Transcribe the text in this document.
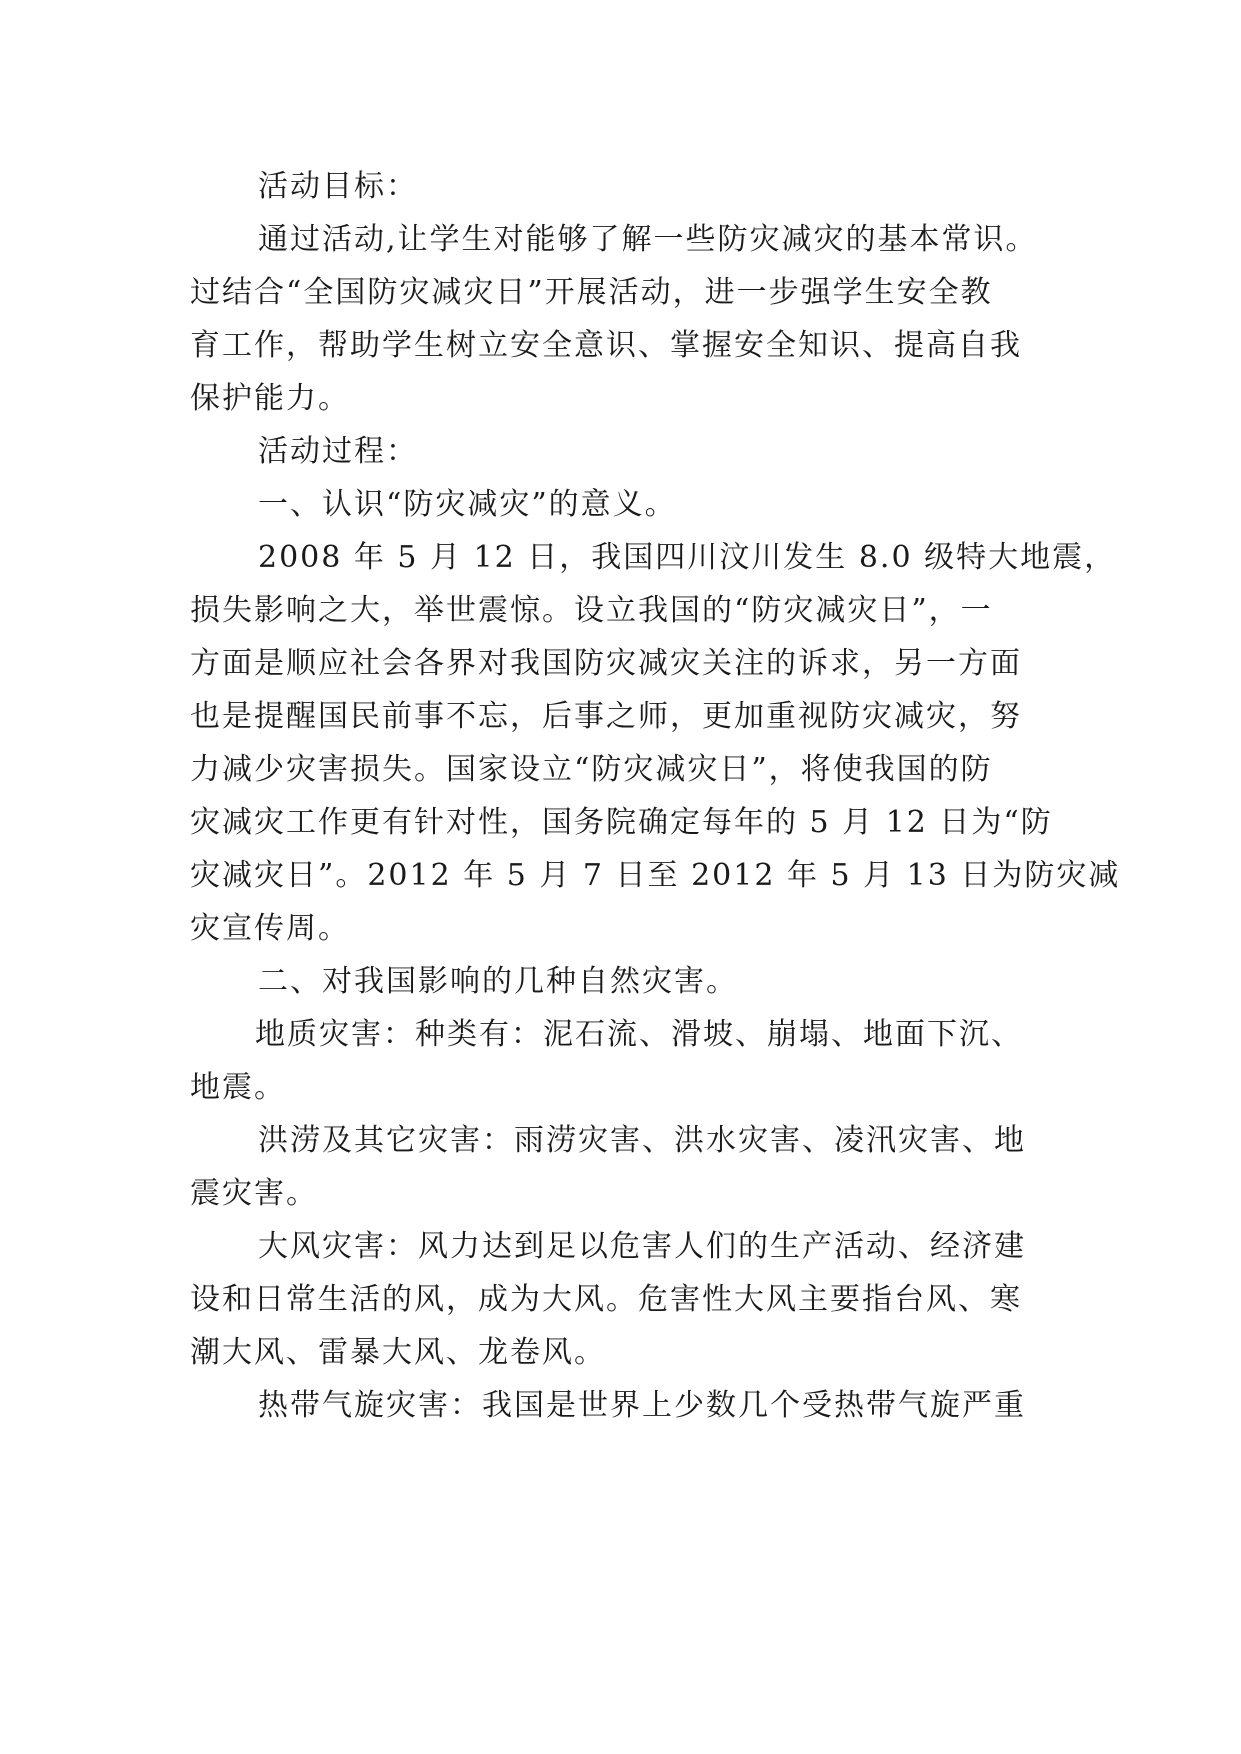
活动目标：
通过活动,让学生对能够了解一些防灾减灾的基本常识。
过结合“全国防灾减灾日”开展活动，进一步强学生安全教
育工作，帮助学生树立安全意识、掌握安全知识、提高自我
保护能力。
活动过程：
一、认识“防灾减灾”的意义。
2008 年 5 月 12 日，我国四川汶川发生 8.0 级特大地震，
损失影响之大，举世震惊。设立我国的“防灾减灾日”，一
方面是顺应社会各界对我国防灾减灾关注的诉求，另一方面
也是提醒国民前事不忘，后事之师，更加重视防灾减灾，努
力减少灾害损失。国家设立“防灾减灾日”，将使我国的防
灾减灾工作更有针对性，国务院确定每年的 5 月 12 日为“防
灾减灾日”。2012 年 5 月 7 日至 2012 年 5 月 13 日为防灾减
灾宣传周。
二、对我国影响的几种自然灾害。
地质灾害：种类有：泥石流、滑坡、崩塌、地面下沉、
地震。
洪涝及其它灾害：雨涝灾害、洪水灾害、凌汛灾害、地
震灾害。
大风灾害：风力达到足以危害人们的生产活动、经济建
设和日常生活的风，成为大风。危害性大风主要指台风、寒
潮大风、雷暴大风、龙卷风。
热带气旋灾害：我国是世界上少数几个受热带气旋严重
